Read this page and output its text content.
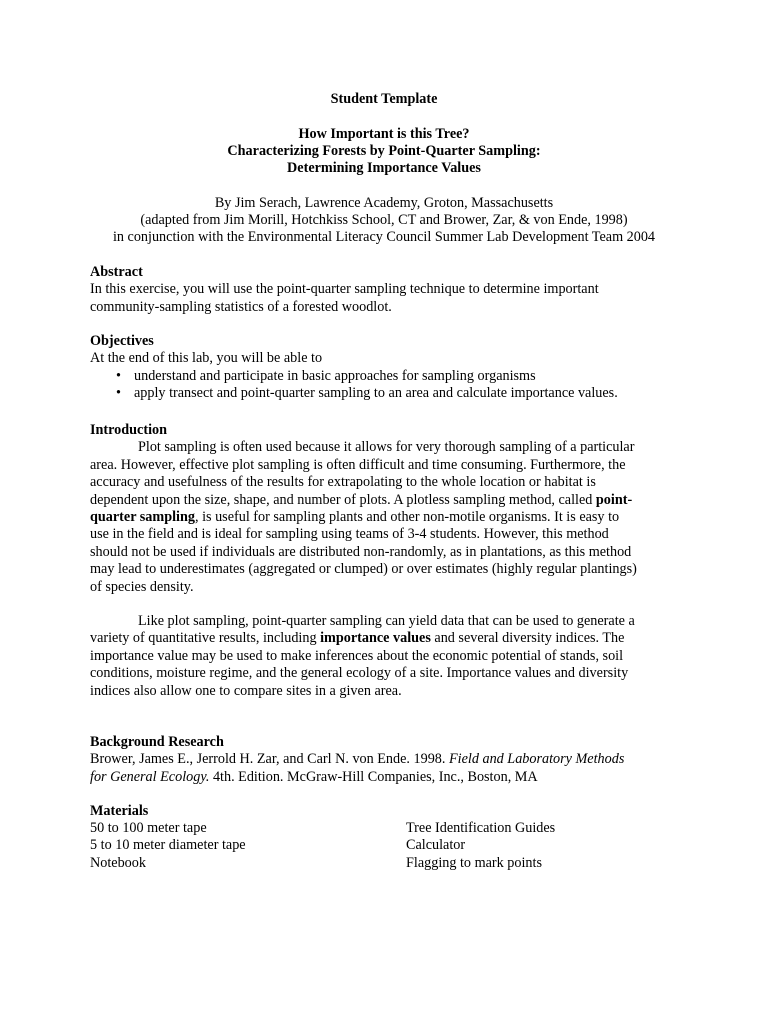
Student Template
How Important is this Tree?
Characterizing Forests by Point-Quarter Sampling:
Determining Importance Values
By Jim Serach, Lawrence Academy, Groton, Massachusetts
(adapted from Jim Morill, Hotchkiss School, CT and Brower, Zar, & von Ende, 1998)
in conjunction with the Environmental Literacy Council Summer Lab Development Team 2004
Abstract
In this exercise, you will use the point-quarter sampling technique to determine important
community-sampling statistics of a forested woodlot.
Objectives
At the end of this lab, you will be able to
• understand and participate in basic approaches for sampling organisms
• apply transect and point-quarter sampling to an area and calculate importance values.
Introduction
Plot sampling is often used because it allows for very thorough sampling of a particular
area. However, effective plot sampling is often difficult and time consuming. Furthermore, the
accuracy and usefulness of the results for extrapolating to the whole location or habitat is
dependent upon the size, shape, and number of plots. A plotless sampling method, called point-
quarter sampling, is useful for sampling plants and other non-motile organisms. It is easy to
use in the field and is ideal for sampling using teams of 3-4 students. However, this method
should not be used if individuals are distributed non-randomly, as in plantations, as this method
may lead to underestimates (aggregated or clumped) or over estimates (highly regular plantings)
of species density.
Like plot sampling, point-quarter sampling can yield data that can be used to generate a
variety of quantitative results, including importance values and several diversity indices. The
importance value may be used to make inferences about the economic potential of stands, soil
conditions, moisture regime, and the general ecology of a site. Importance values and diversity
indices also allow one to compare sites in a given area.
Background Research
Brower, James E., Jerrold H. Zar, and Carl N. von Ende. 1998. Field and Laboratory Methods
for General Ecology. 4th. Edition. McGraw-Hill Companies, Inc., Boston, MA
Materials
50 to 100 meter tape
5 to 10 meter diameter tape
Notebook
Tree Identification Guides
Calculator
Flagging to mark points
